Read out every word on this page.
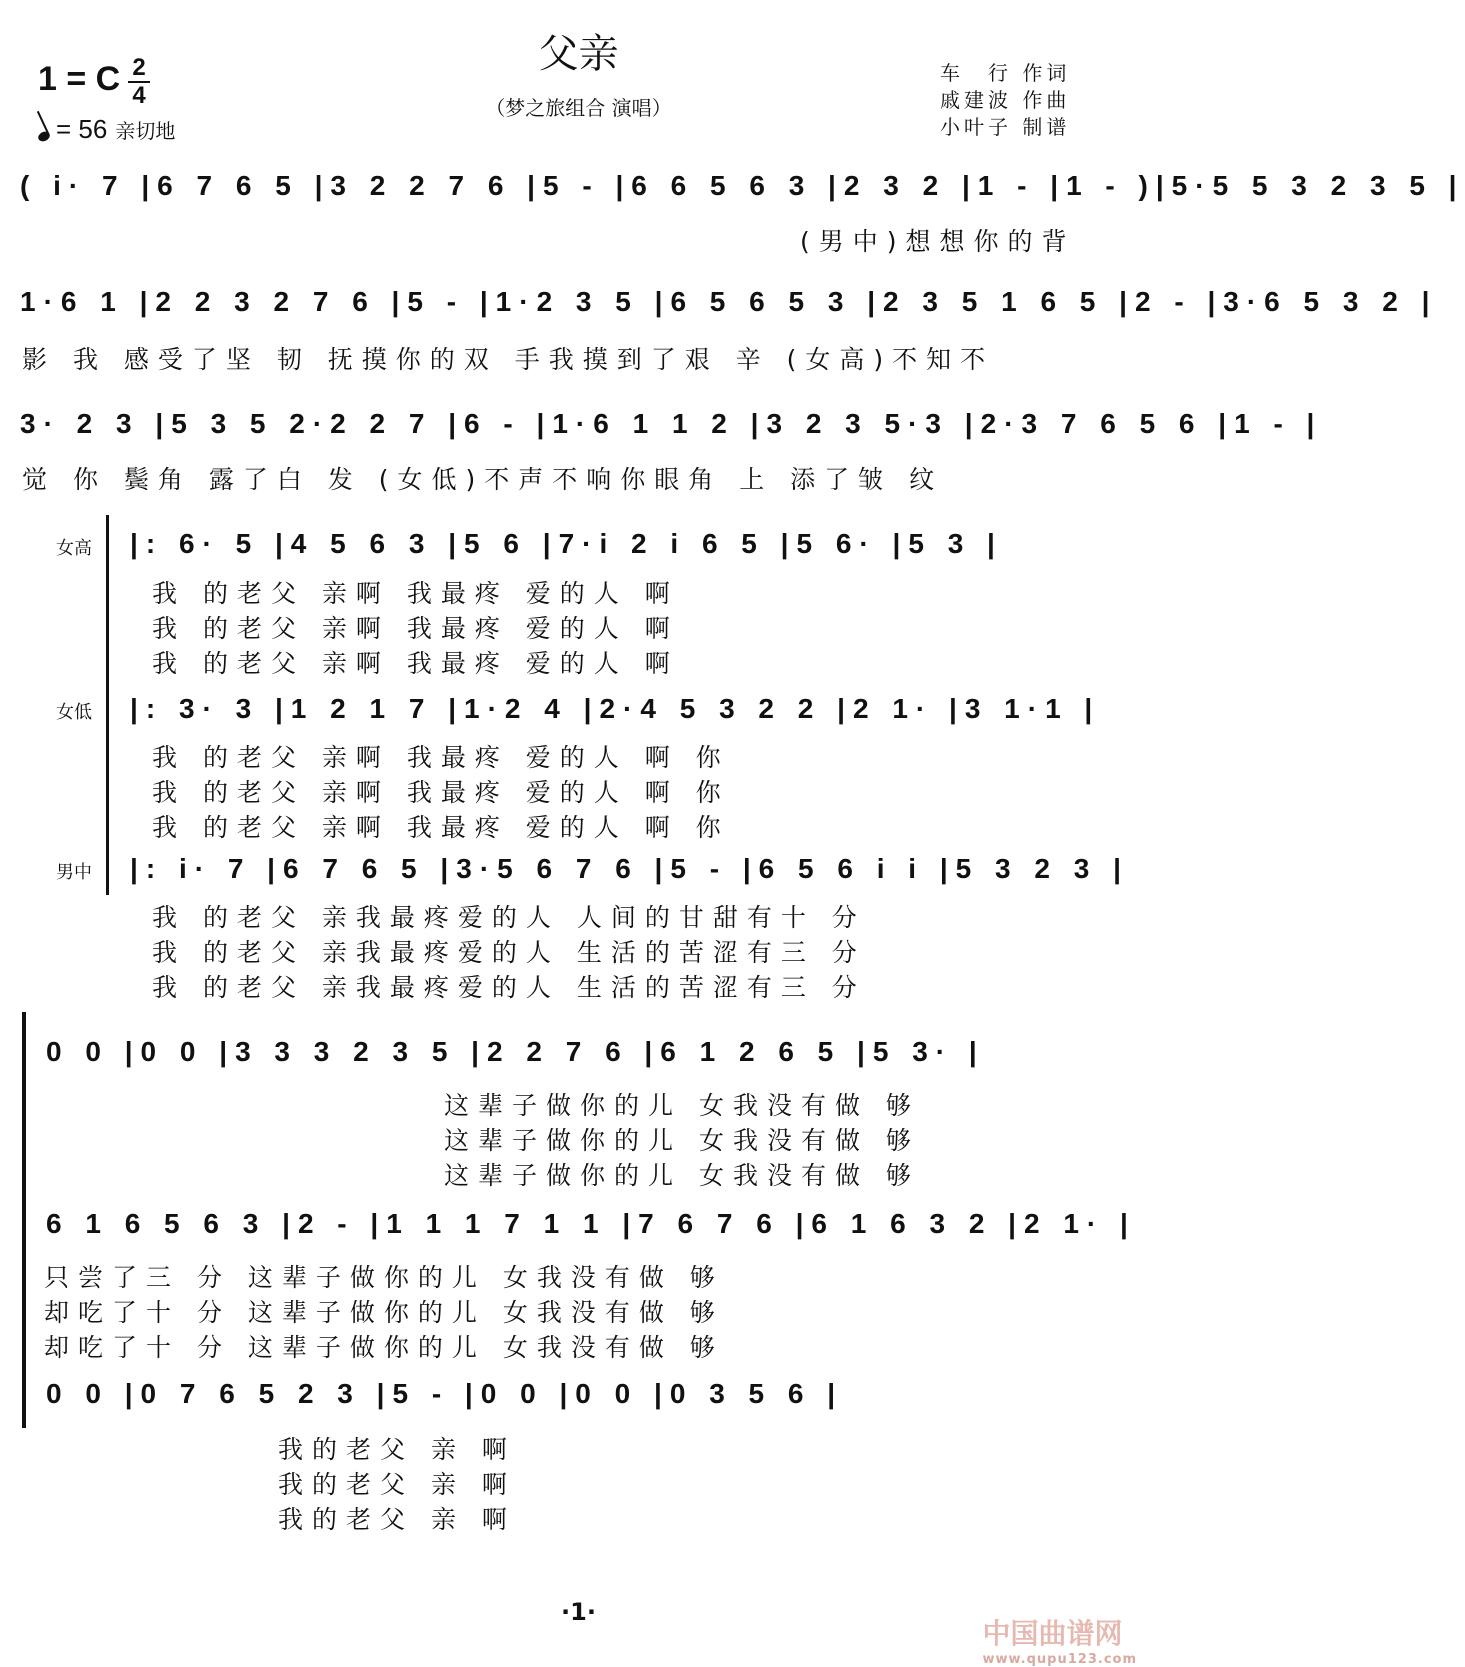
父亲
（梦之旅组合 演唱）
1 = C 2
4
= 56 亲切地
车　行 作词
戚建波 作曲
小叶子 制谱
( i· 7 |6 7 6 5 |3 2 2 7 6 |5 - |6 6 5 6 3 |2 3 2 |1 - |1 - )|5·5 5 3 2 3 5 |
(男中)想想你的背
1·6 1 |2 2 3 2 7 6 |5 - |1·2 3 5 |6 5 6 5 3 |2 3 5 1 6 5 |2 - |3·6 5 3 2 |
影 我 感受了坚 韧 抚摸你的双 手我摸到了艰 辛 (女高)不知不
3· 2 3 |5 3 5 2·2 2 7 |6 - |1·6 1 1 2 |3 2 3 5·3 |2·3 7 6 5 6 |1 - |
觉 你 鬓角 露了白 发 (女低)不声不响你眼角 上 添了皱 纹
女高 |: 6· 5 |4 5 6 3 |5 6 |7·i 2 i 6 5 |5 6· |5 3 |
我 的老父 亲啊 我最疼 爱的人 啊
我 的老父 亲啊 我最疼 爱的人 啊
我 的老父 亲啊 我最疼 爱的人 啊
女低 |: 3· 3 |1 2 1 7 |1·2 4 |2·4 5 3 2 2 |2 1· |3 1·1 |
我 的老父 亲啊 我最疼 爱的人 啊 你
我 的老父 亲啊 我最疼 爱的人 啊 你
我 的老父 亲啊 我最疼 爱的人 啊 你
男中 |: i· 7 |6 7 6 5 |3·5 6 7 6 |5 - |6 5 6 i i |5 3 2 3 |
我 的老父 亲我最疼爱的人 人间的甘甜有十 分
我 的老父 亲我最疼爱的人 生活的苦涩有三 分
我 的老父 亲我最疼爱的人 生活的苦涩有三 分
0 0 |0 0 |3 3 3 2 3 5 |2 2 7 6 |6 1 2 6 5 |5 3· |
这辈子做你的儿 女我没有做 够
这辈子做你的儿 女我没有做 够
这辈子做你的儿 女我没有做 够
6 1 6 5 6 3 |2 - |1 1 1 7 1 1 |7 6 7 6 |6 1 6 3 2 |2 1· |
只尝了三 分 这辈子做你的儿 女我没有做 够
却吃了十 分 这辈子做你的儿 女我没有做 够
却吃了十 分 这辈子做你的儿 女我没有做 够
0 0 |0 7 6 5 2 3 |5 - |0 0 |0 0 |0 3 5 6 |
我的老父 亲 啊
我的老父 亲 啊
我的老父 亲 啊
·1·
中国曲谱网
www.qupu123.com
